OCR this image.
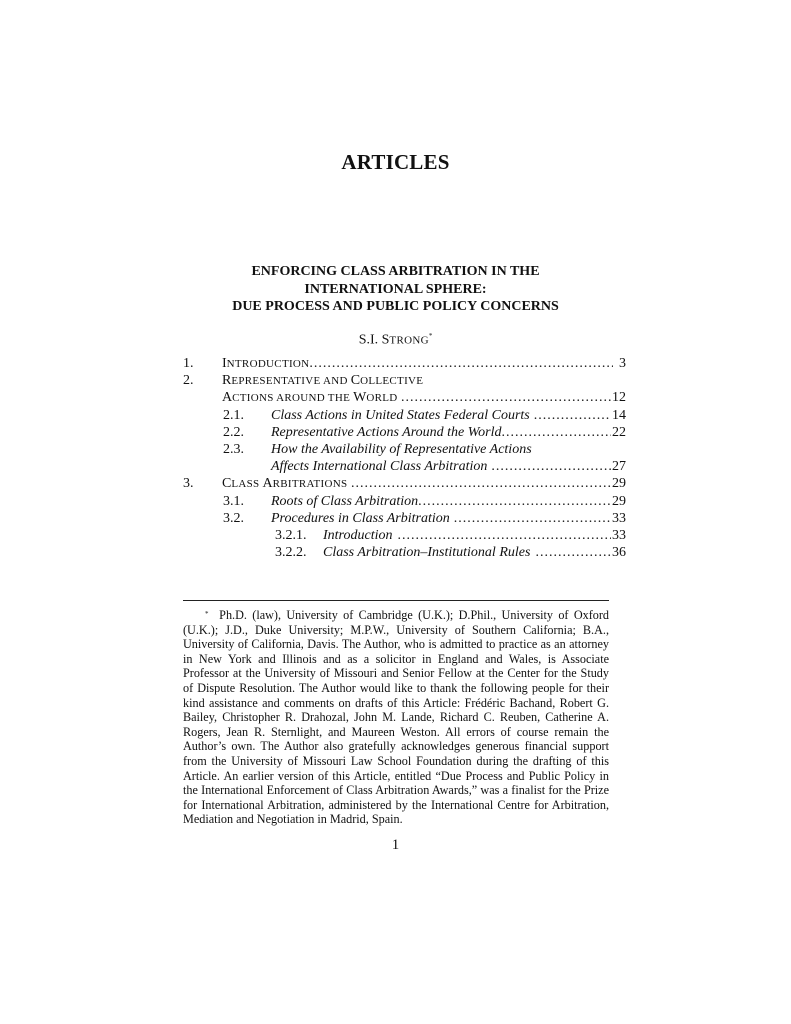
ARTICLES
ENFORCING CLASS ARBITRATION IN THE
INTERNATIONAL SPHERE:
DUE PROCESS AND PUBLIC POLICY CONCERNS
S.I. STRONG*
1. INTRODUCTION .....	3
2. REPRESENTATIVE AND COLLECTIVE
ACTIONS AROUND THE WORLD .....	12
2.1. Class Actions in United States Federal Courts .....	14
2.2. Representative Actions Around the World .....	22
2.3. How the Availability of Representative Actions
Affects International Class Arbitration .....	27
3. CLASS ARBITRATIONS .....	29
3.1. Roots of Class Arbitration .....	29
3.2. Procedures in Class Arbitration .....	33
3.2.1. Introduction .....	33
3.2.2. Class Arbitration–Institutional Rules .....	36
* Ph.D. (law), University of Cambridge (U.K.); D.Phil., University of Oxford (U.K.); J.D., Duke University; M.P.W., University of Southern California; B.A., University of California, Davis. The Author, who is admitted to practice as an attorney in New York and Illinois and as a solicitor in England and Wales, is Associate Professor at the University of Missouri and Senior Fellow at the Center for the Study of Dispute Resolution. The Author would like to thank the following people for their kind assistance and comments on drafts of this Article: Frédéric Bachand, Robert G. Bailey, Christopher R. Drahozal, John M. Lande, Richard C. Reuben, Catherine A. Rogers, Jean R. Sternlight, and Maureen Weston. All errors of course remain the Author’s own. The Author also gratefully acknowledges generous financial support from the University of Missouri Law School Foundation during the drafting of this Article. An earlier version of this Article, entitled “Due Process and Public Policy in the International Enforcement of Class Arbitration Awards,” was a finalist for the Prize for International Arbitration, administered by the International Centre for Arbitration, Mediation and Negotiation in Madrid, Spain.
1
